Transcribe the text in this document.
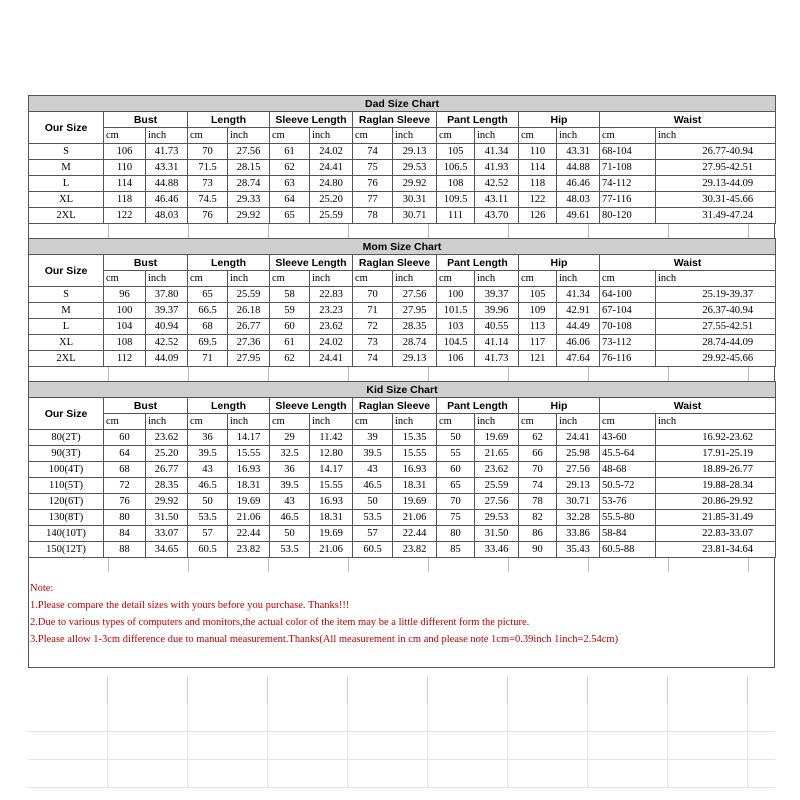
Dad Size Chart														
Our Size	Bust		Length		Sleeve Length		Raglan Sleeve		Pant Length		Hip		Waist	
	cm	inch	cm	inch	cm	inch	cm	inch	cm	inch	cm	inch	cm	inch
S	106	41.73	70	27.56	61	24.02	74	29.13	105	41.34	110	43.31	68-104	26.77-40.94
M	110	43.31	71.5	28.15	62	24.41	75	29.53	106.5	41.93	114	44.88	71-108	27.95-42.51
L	114	44.88	73	28.74	63	24.80	76	29.92	108	42.52	118	46.46	74-112	29.13-44.09
XL	118	46.46	74.5	29.33	64	25.20	77	30.31	109.5	43.11	122	48.03	77-116	30.31-45.66
2XL	122	48.03	76	29.92	65	25.59	78	30.71	111	43.70	126	49.61	80-120	31.49-47.24
Mom Size Chart														
Our Size	Bust		Length		Sleeve Length		Raglan Sleeve		Pant Length		Hip		Waist	
	cm	inch	cm	inch	cm	inch	cm	inch	cm	inch	cm	inch	cm	inch
S	96	37.80	65	25.59	58	22.83	70	27.56	100	39.37	105	41.34	64-100	25.19-39.37
M	100	39.37	66.5	26.18	59	23.23	71	27.95	101.5	39.96	109	42.91	67-104	26.37-40.94
L	104	40.94	68	26.77	60	23.62	72	28.35	103	40.55	113	44.49	70-108	27.55-42.51
XL	108	42.52	69.5	27.36	61	24.02	73	28.74	104.5	41.14	117	46.06	73-112	28.74-44.09
2XL	112	44.09	71	27.95	62	24.41	74	29.13	106	41.73	121	47.64	76-116	29.92-45.66
Kid Size Chart														
Our Size	Bust		Length		Sleeve Length		Raglan Sleeve		Pant Length		Hip		Waist	
	cm	inch	cm	inch	cm	inch	cm	inch	cm	inch	cm	inch	cm	inch
80(2T)	60	23.62	36	14.17	29	11.42	39	15.35	50	19.69	62	24.41	43-60	16.92-23.62
90(3T)	64	25.20	39.5	15.55	32.5	12.80	39.5	15.55	55	21.65	66	25.98	45.5-64	17.91-25.19
100(4T)	68	26.77	43	16.93	36	14.17	43	16.93	60	23.62	70	27.56	48-68	18.89-26.77
110(5T)	72	28.35	46.5	18.31	39.5	15.55	46.5	18.31	65	25.59	74	29.13	50.5-72	19.88-28.34
120(6T)	76	29.92	50	19.69	43	16.93	50	19.69	70	27.56	78	30.71	53-76	20.86-29.92
130(8T)	80	31.50	53.5	21.06	46.5	18.31	53.5	21.06	75	29.53	82	32.28	55.5-80	21.85-31.49
140(10T)	84	33.07	57	22.44	50	19.69	57	22.44	80	31.50	86	33.86	58-84	22.83-33.07
150(12T)	88	34.65	60.5	23.82	53.5	21.06	60.5	23.82	85	33.46	90	35.43	60.5-88	23.81-34.64
Note:
1.Please compare the detail sizes with yours before you purchase. Thanks!!!
2.Due to various types of computers and monitors,the actual color of the item may be a little different form the picture.
3.Please allow 1-3cm difference due to manual measurement.Thanks(All measurement in cm and please note 1cm=0.39inch 1inch=2.54cm)
